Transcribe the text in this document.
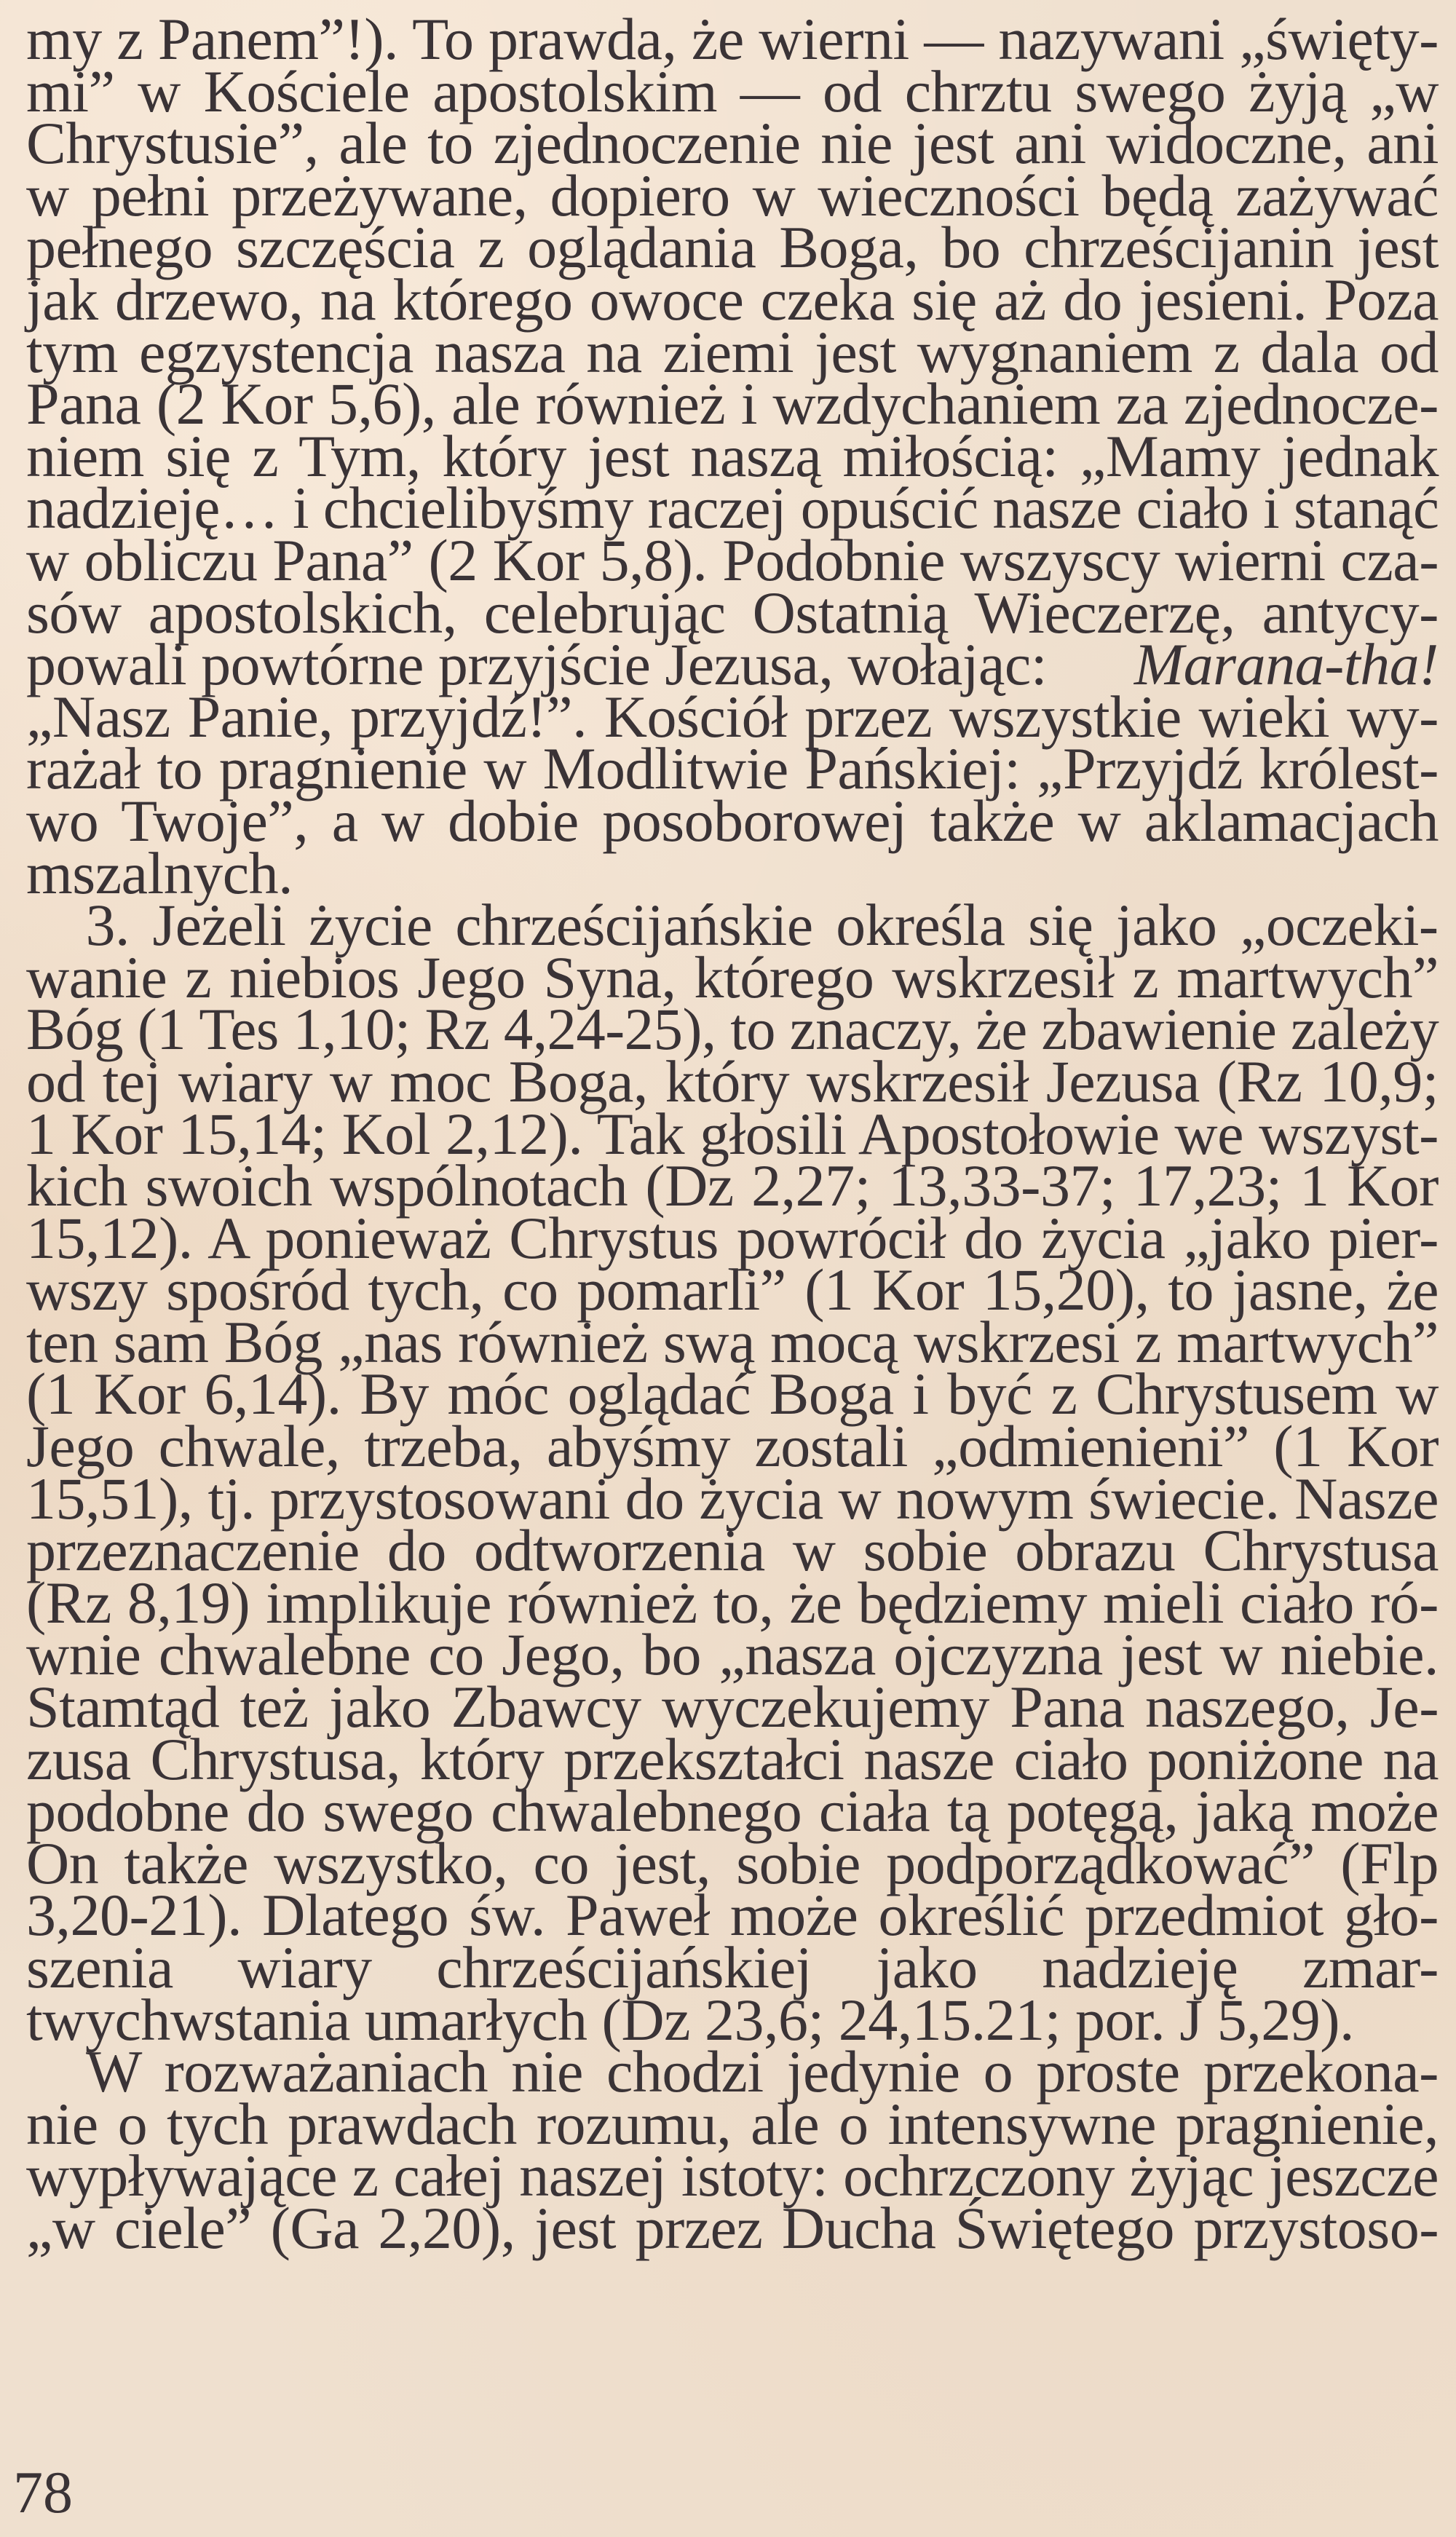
my z Panem”!). To prawda, że wierni — nazywani „święty-
mi” w Kościele apostolskim — od chrztu swego żyją „w
Chrystusie”, ale to zjednoczenie nie jest ani widoczne, ani
w pełni przeżywane, dopiero w wieczności będą zażywać
pełnego szczęścia z oglądania Boga, bo chrześcijanin jest
jak drzewo, na którego owoce czeka się aż do jesieni. Poza
tym egzystencja nasza na ziemi jest wygnaniem z dala od
Pana (2 Kor 5,6), ale również i wzdychaniem za zjednocze-
niem się z Tym, który jest naszą miłością: „Mamy jednak
nadzieję… i chcielibyśmy raczej opuścić nasze ciało i stanąć
w obliczu Pana” (2 Kor 5,8). Podobnie wszyscy wierni cza-
sów apostolskich, celebrując Ostatnią Wieczerzę, antycy-
powali powtórne przyjście Jezusa, wołając: Marana-tha!
„Nasz Panie, przyjdź!”. Kościół przez wszystkie wieki wy-
rażał to pragnienie w Modlitwie Pańskiej: „Przyjdź królest-
wo Twoje”, a w dobie posoborowej także w aklamacjach
mszalnych.
3. Jeżeli życie chrześcijańskie określa się jako „oczeki-
wanie z niebios Jego Syna, którego wskrzesił z martwych”
Bóg (1 Tes 1,10; Rz 4,24-25), to znaczy, że zbawienie zależy
od tej wiary w moc Boga, który wskrzesił Jezusa (Rz 10,9;
1 Kor 15,14; Kol 2,12). Tak głosili Apostołowie we wszyst-
kich swoich wspólnotach (Dz 2,27; 13,33-37; 17,23; 1 Kor
15,12). A ponieważ Chrystus powrócił do życia „jako pier-
wszy spośród tych, co pomarli” (1 Kor 15,20), to jasne, że
ten sam Bóg „nas również swą mocą wskrzesi z martwych”
(1 Kor 6,14). By móc oglądać Boga i być z Chrystusem w
Jego chwale, trzeba, abyśmy zostali „odmienieni” (1 Kor
15,51), tj. przystosowani do życia w nowym świecie. Nasze
przeznaczenie do odtworzenia w sobie obrazu Chrystusa
(Rz 8,19) implikuje również to, że będziemy mieli ciało ró-
wnie chwalebne co Jego, bo „nasza ojczyzna jest w niebie.
Stamtąd też jako Zbawcy wyczekujemy Pana naszego, Je-
zusa Chrystusa, który przekształci nasze ciało poniżone na
podobne do swego chwalebnego ciała tą potęgą, jaką może
On także wszystko, co jest, sobie podporządkować” (Flp
3,20-21). Dlatego św. Paweł może określić przedmiot gło-
szenia wiary chrześcijańskiej jako nadzieję zmar-
twychwstania umarłych (Dz 23,6; 24,15.21; por. J 5,29).
W rozważaniach nie chodzi jedynie o proste przekona-
nie o tych prawdach rozumu, ale o intensywne pragnienie,
wypływające z całej naszej istoty: ochrzczony żyjąc jeszcze
„w ciele” (Ga 2,20), jest przez Ducha Świętego przystoso-
78
